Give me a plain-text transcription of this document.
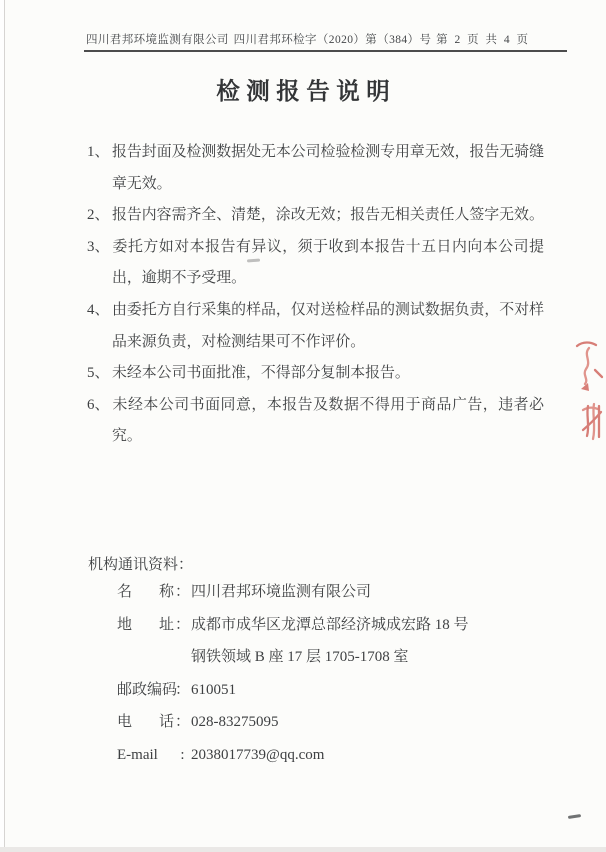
四川君邦环境监测有限公司 四川君邦环检字（2020）第（384）号 第 2 页 共 4 页
检测报告说明

1、 报告封面及检测数据处无本公司检验检测专用章无效，报告无骑缝章无效。

2、 报告内容需齐全、清楚，涂改无效；报告无相关责任人签字无效。

3、 委托方如对本报告有异议，须于收到本报告十五日内向本公司提出，逾期不予受理。

4、 由委托方自行采集的样品，仅对送检样品的测试数据负责，不对样品来源负责，对检测结果可不作评价。

5、 未经本公司书面批准，不得部分复制本报告。

6、 未经本公司书面同意，本报告及数据不得用于商品广告，违者必究。

机构通讯资料：
名称 ： 四川君邦环境监测有限公司
地址 ： 成都市成华区龙潭总部经济城成宏路 18 号
钢铁领域 B 座 17 层 1705-1708 室
邮政编码
： 610051
电话 ： 028-83275095
E-mail	: 2038017739@qq.com
